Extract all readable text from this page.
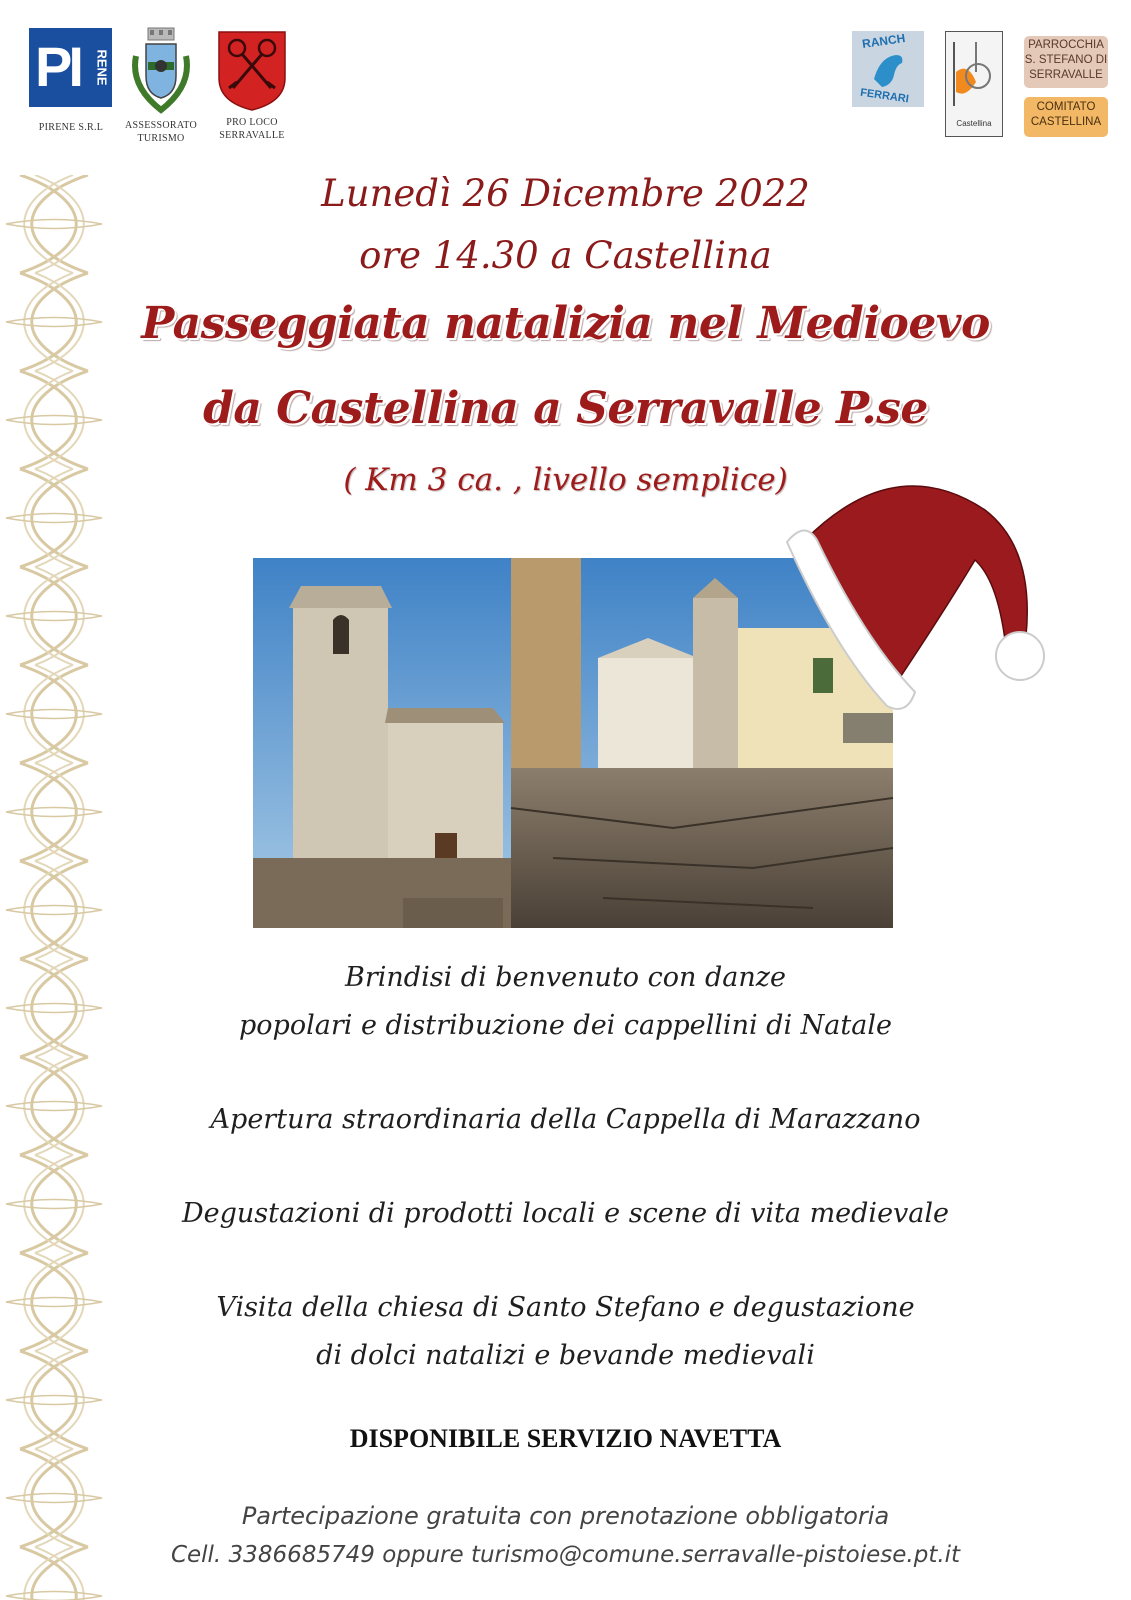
PI RENE
PIRENE S.R.L	ASSESSORATO
TURISMO
PRO LOCO
SERRAVALLE
RANCH
FERRARI
Castellina
PARROCCHIA
S. STEFANO DI
SERRAVALLE
COMITATO
CASTELLINA
Lunedì 26 Dicembre 2022
ore 14.30 a Castellina
Passeggiata natalizia nel Medioevo
da Castellina a Serravalle P.se
( Km 3 ca. , livello semplice)
Brindisi di benvenuto con danze
popolari e distribuzione dei cappellini di Natale
Apertura straordinaria della Cappella di Marazzano
Degustazioni di prodotti locali e scene di vita medievale
Visita della chiesa di Santo Stefano e degustazione
di dolci natalizi e bevande medievali
DISPONIBILE SERVIZIO NAVETTA
Partecipazione gratuita con prenotazione obbligatoria
Cell. 3386685749 oppure turismo@comune.serravalle-pistoiese.pt.it
